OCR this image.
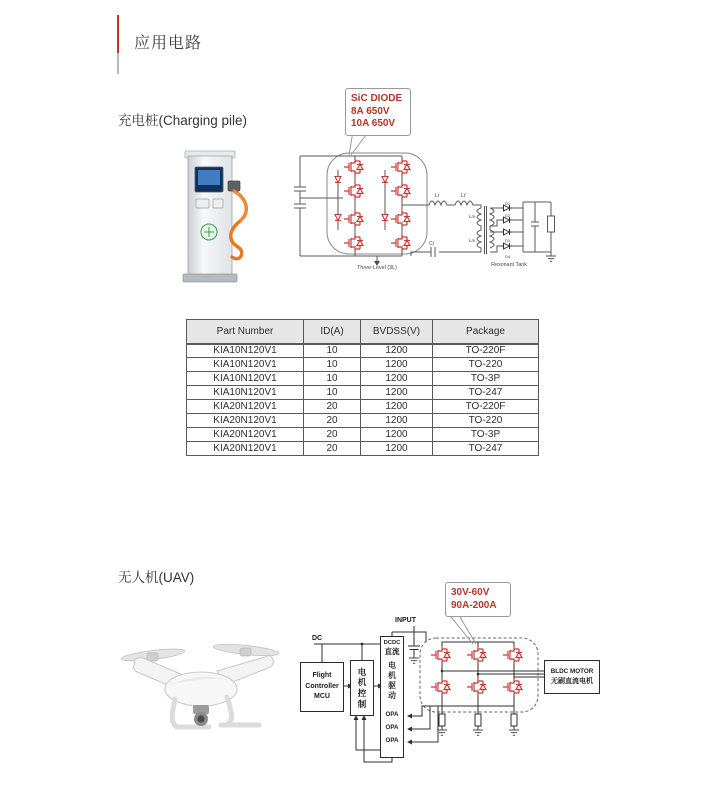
应用电路
充电桩(Charging pile)
SiC DIODE
8A 650V
10A 650V
Lr	Lr'
Cr
Lm
Lm
D1
D2
D3
D4
Three-Level (3L)	Resonant Tank
Part Number	ID(A)	BVDSS(V)	Package
KIA10N120V1	10	1200	TO-220F
KIA10N120V1	10	1200	TO-220
KIA10N120V1	10	1200	TO-3P
KIA10N120V1	10	1200	TO-247
KIA20N120V1	20	1200	TO-220F
KIA20N120V1	20	1200	TO-220
KIA20N120V1	20	1200	TO-3P
KIA20N120V1	20	1200	TO-247
无人机(UAV)
30V-60V
90A-200A
DC
INPUT
Flight Controller MCU
电机控制
DCDC
直流
电机驱动
OPA
OPA
OPA
BLDC MOTOR
无刷直流电机
